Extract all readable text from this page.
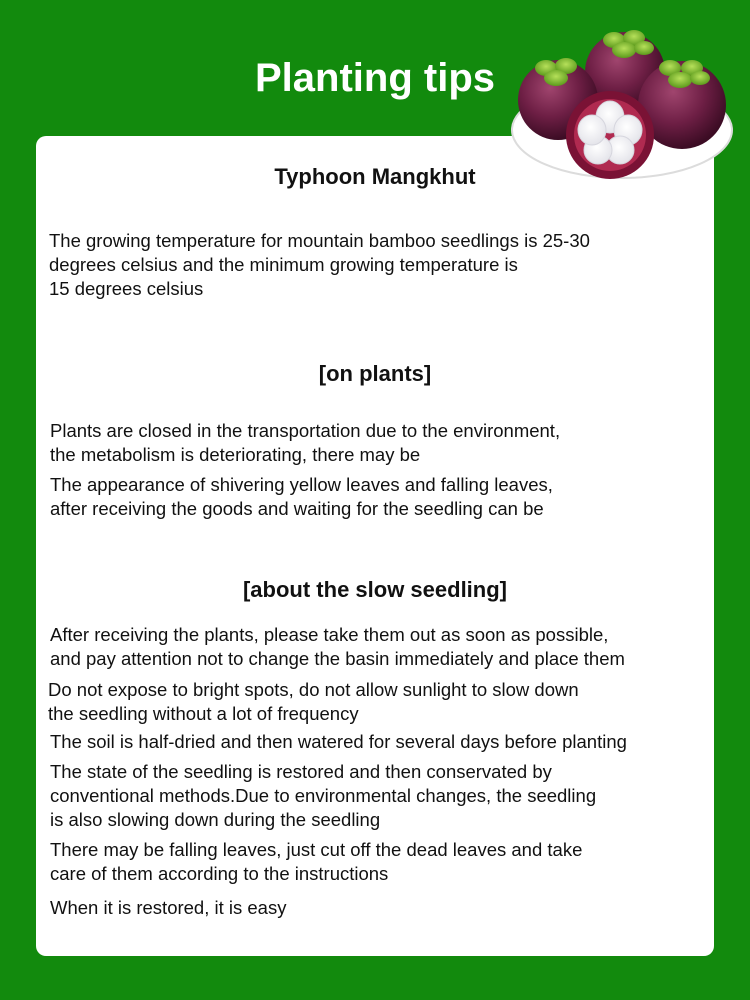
Planting tips
Typhoon Mangkhut

The growing temperature for mountain bamboo seedlings is 25-30
degrees celsius and the minimum growing temperature is
15 degrees celsius

[on plants]

Plants are closed in the transportation due to the environment,
the metabolism is deteriorating, there may be

The appearance of shivering yellow leaves and falling leaves,
after receiving the goods and waiting for the seedling can be

[about the slow seedling]

After receiving the plants, please take them out as soon as possible,
and pay attention not to change the basin immediately and place them

Do not expose to bright spots, do not allow sunlight to slow down
the seedling without a lot of frequency

The soil is half-dried and then watered for several days before planting

The state of the seedling is restored and then conservated by
conventional methods.Due to environmental changes, the seedling
is also slowing down during the seedling

There may be falling leaves, just cut off the dead leaves and take
care of them according to the instructions

When it is restored, it is easy
